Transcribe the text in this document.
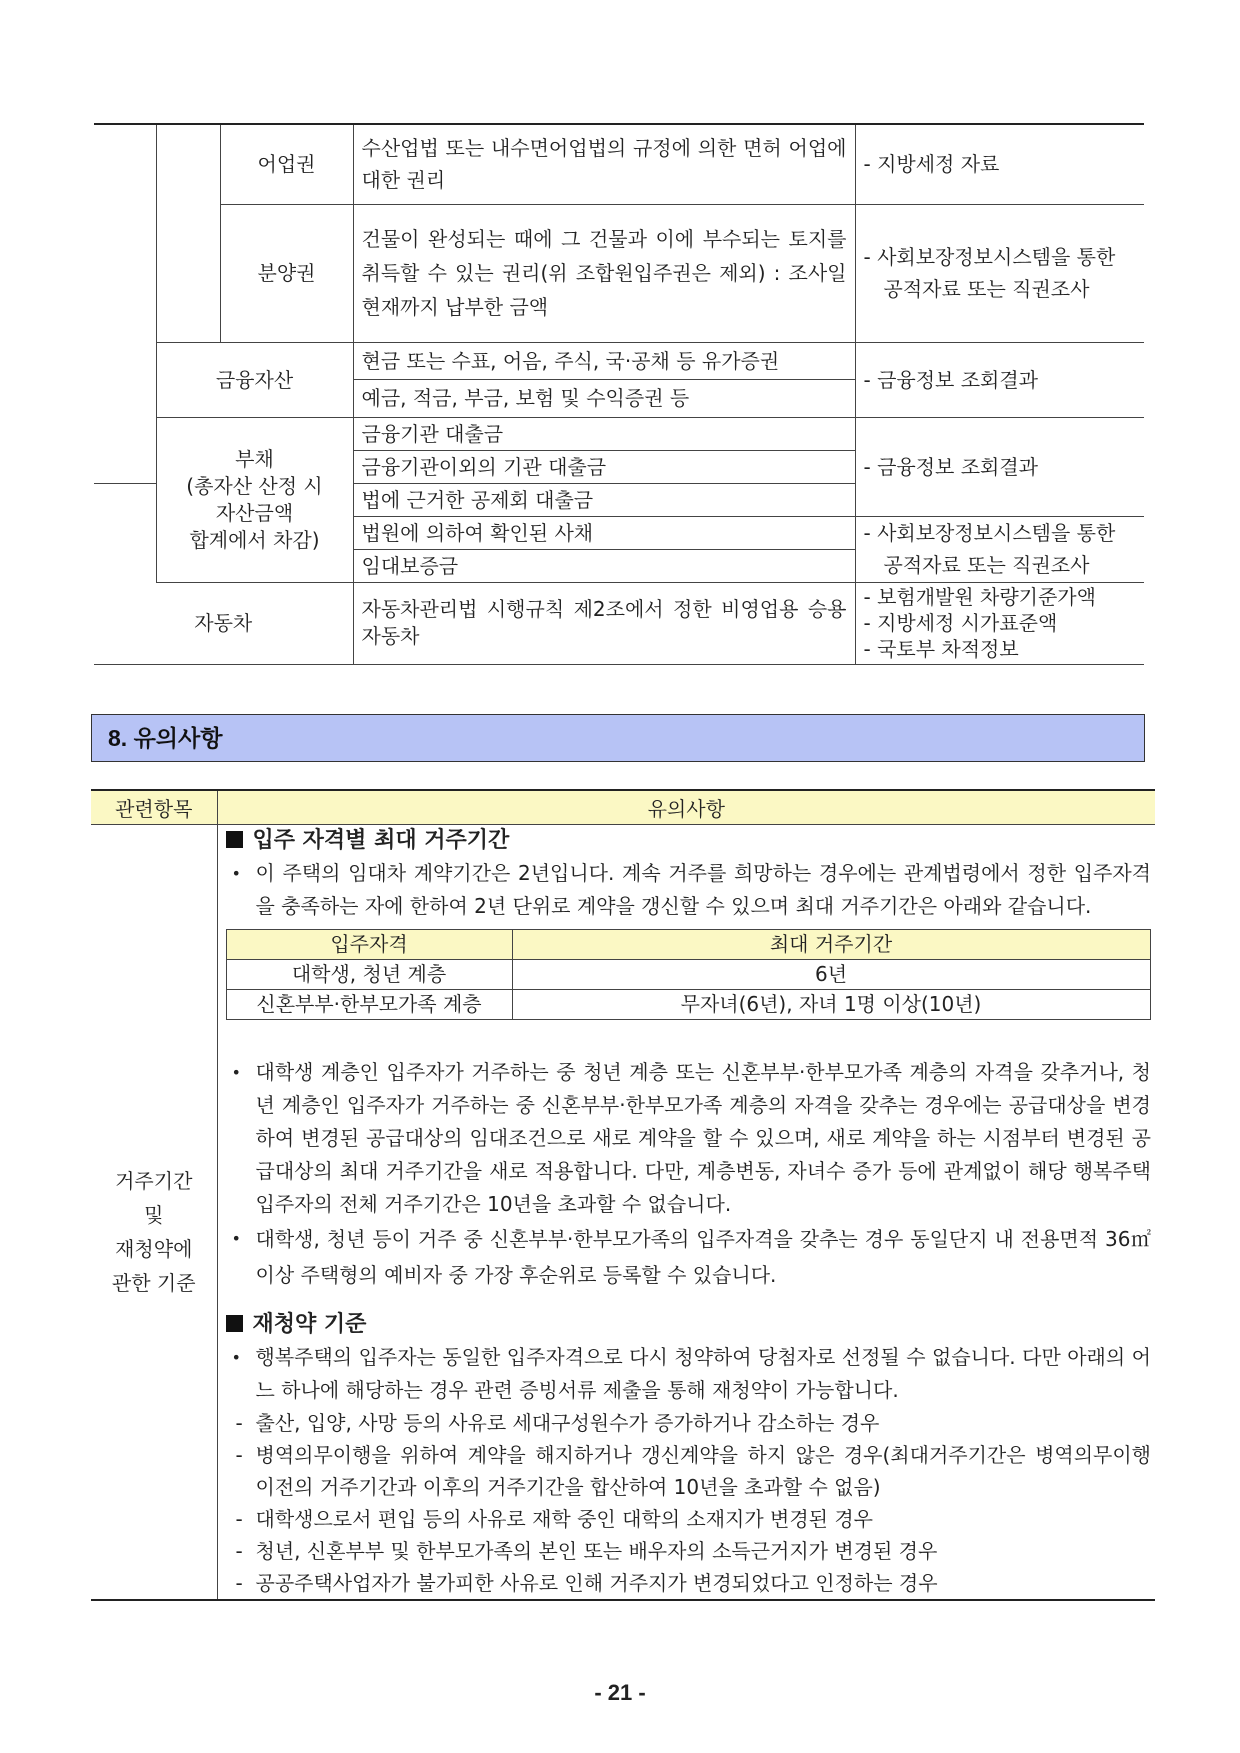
		어업권	수산업법 또는 내수면어업법의 규정에 의한 면허 어업에 대한 권리	- 지방세정 자료
		분양권	건물이 완성되는 때에 그 건물과 이에 부수되는 토지를 취득할 수 있는 권리(위 조합원입주권은 제외) : 조사일 현재까지 납부한 금액	- 사회보장정보시스템을 통한
공적자료 또는 직권조사

	금융자산		현금 또는 수표, 어음, 주식, 국·공채 등 유가증권	- 금융정보 조회결과
			예금, 적금, 부금, 보험 및 수익증권 등	

	부채
(총자산 산정 시
자산금액
합계에서 차감)		금융기관 대출금	- 금융정보 조회결과
			금융기관이외의 기관 대출금	
			법에 근거한 공제회 대출금	
			법원에 의하여 확인된 사채	- 사회보장정보시스템을 통한
공적자료 또는 직권조사

			임대보증금	
자동차			자동차관리법 시행규칙 제2조에서 정한 비영업용 승용자동차	- 보험개발원 차량기준가액
- 지방세정 시가표준액
- 국토부 차적정보
8. 유의사항
관련항목	유의사항

거주기간
및
재청약에
관한 기준

입주 자격별 최대 거주기간

• 이 주택의 임대차 계약기간은 2년입니다. 계속 거주를 희망하는 경우에는 관계법령에서 정한 입주자격을 충족하는 자에 한하여 2년 단위로 계약을 갱신할 수 있으며 최대 거주기간은 아래와 같습니다.

입주자격	최대 거주기간
대학생, 청년 계층	6년
신혼부부·한부모가족 계층	무자녀(6년), 자녀 1명 이상(10년)

• 대학생 계층인 입주자가 거주하는 중 청년 계층 또는 신혼부부·한부모가족 계층의 자격을 갖추거나, 청년 계층인 입주자가 거주하는 중 신혼부부·한부모가족 계층의 자격을 갖추는 경우에는 공급대상을 변경하여 변경된 공급대상의 임대조건으로 새로 계약을 할 수 있으며, 새로 계약을 하는 시점부터 변경된 공급대상의 최대 거주기간을 새로 적용합니다. 다만, 계층변동, 자녀수 증가 등에 관계없이 해당 행복주택 입주자의 전체 거주기간은 10년을 초과할 수 없습니다.

• 대학생, 청년 등이 거주 중 신혼부부·한부모가족의 입주자격을 갖추는 경우 동일단지 내 전용면적 36㎡이상 주택형의 예비자 중 가장 후순위로 등록할 수 있습니다.

재청약 기준

• 행복주택의 입주자는 동일한 입주자격으로 다시 청약하여 당첨자로 선정될 수 없습니다. 다만 아래의 어느 하나에 해당하는 경우 관련 증빙서류 제출을 통해 재청약이 가능합니다.

- 출산, 입양, 사망 등의 사유로 세대구성원수가 증가하거나 감소하는 경우

- 병역의무이행을 위하여 계약을 해지하거나 갱신계약을 하지 않은 경우(최대거주기간은 병역의무이행 이전의 거주기간과 이후의 거주기간을 합산하여 10년을 초과할 수 없음)

- 대학생으로서 편입 등의 사유로 재학 중인 대학의 소재지가 변경된 경우

- 청년, 신혼부부 및 한부모가족의 본인 또는 배우자의 소득근거지가 변경된 경우

- 공공주택사업자가 불가피한 사유로 인해 거주지가 변경되었다고 인정하는 경우

- 21 -
